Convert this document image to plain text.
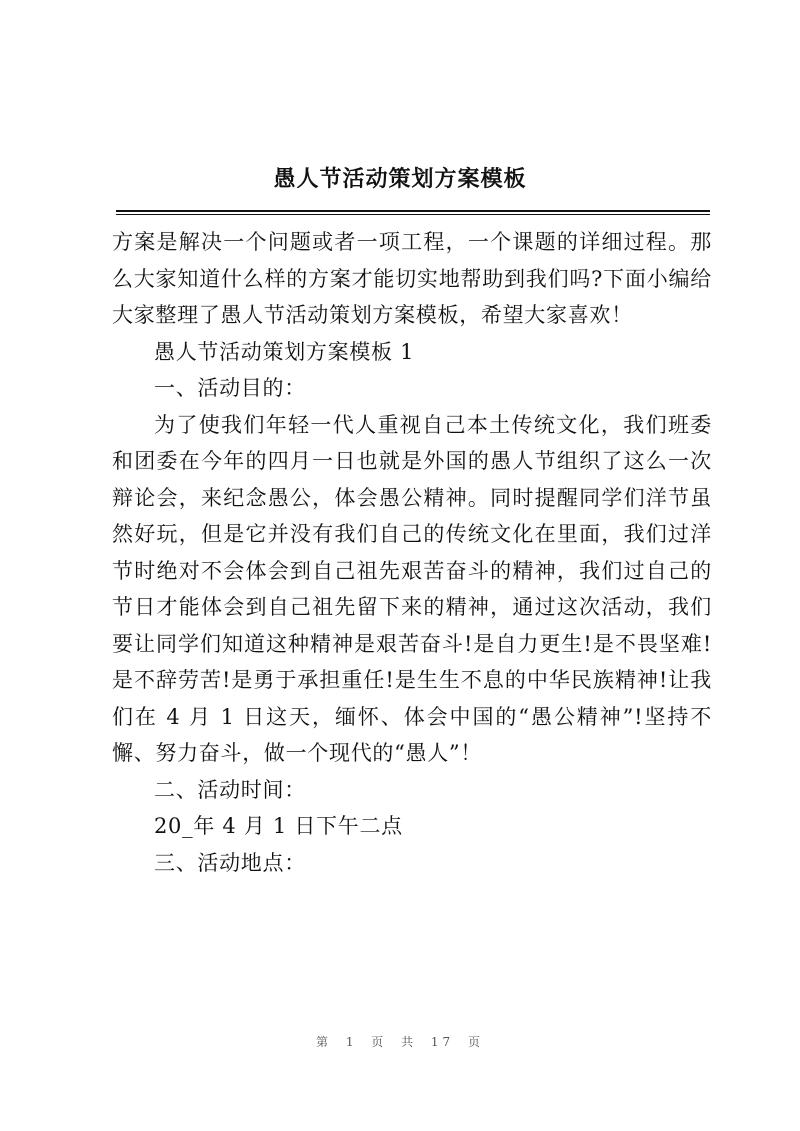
愚人节活动策划方案模板

方案是解决一个问题或者一项工程，一个课题的详细过程。那么大家知道什么样的方案才能切实地帮助到我们吗?下面小编给大家整理了愚人节活动策划方案模板，希望大家喜欢！

愚人节活动策划方案模板 1

一、活动目的：

为了使我们年轻一代人重视自己本土传统文化，我们班委和团委在今年的四月一日也就是外国的愚人节组织了这么一次辩论会，来纪念愚公，体会愚公精神。同时提醒同学们洋节虽然好玩，但是它并没有我们自己的传统文化在里面，我们过洋节时绝对不会体会到自己祖先艰苦奋斗的精神，我们过自己的节日才能体会到自己祖先留下来的精神，通过这次活动，我们要让同学们知道这种精神是艰苦奋斗!是自力更生!是不畏坚难!是不辞劳苦!是勇于承担重任!是生生不息的中华民族精神!让我们在 4 月 1 日这天，缅怀、体会中国的“愚公精神”!坚持不懈、努力奋斗，做一个现代的“愚人”！

二、活动时间：

20_年 4 月 1 日下午二点

三、活动地点：

第 1 页 共 17 页
